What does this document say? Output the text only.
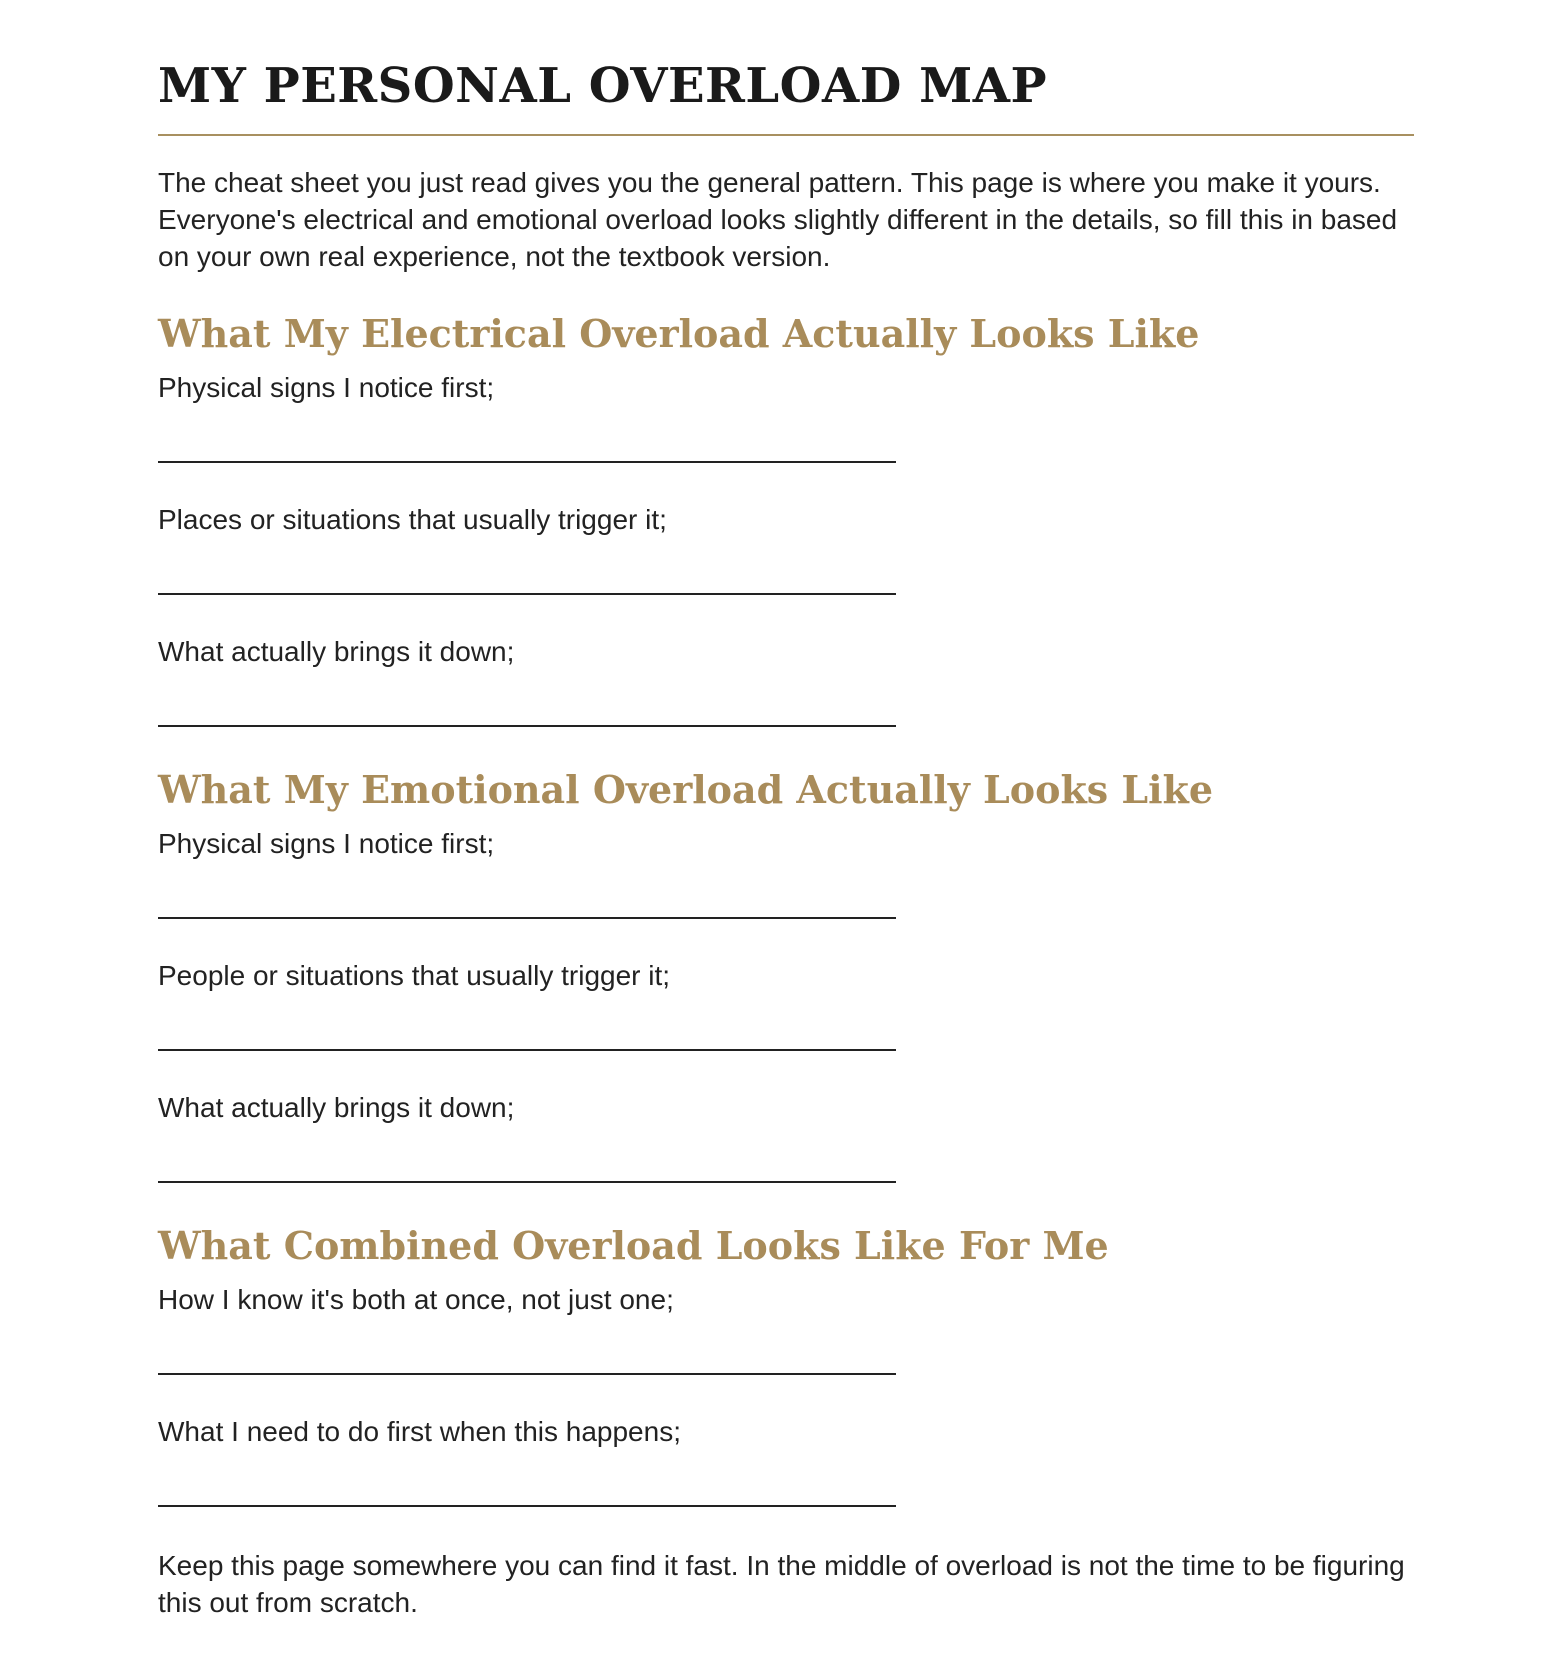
MY PERSONAL OVERLOAD MAP
The cheat sheet you just read gives you the general pattern. This page is where you make it yours. Everyone's electrical and emotional overload looks slightly different in the details, so fill this in based on your own real experience, not the textbook version.
What My Electrical Overload Actually Looks Like
Physical signs I notice first;
Places or situations that usually trigger it;
What actually brings it down;
What My Emotional Overload Actually Looks Like
Physical signs I notice first;
People or situations that usually trigger it;
What actually brings it down;
What Combined Overload Looks Like For Me
How I know it's both at once, not just one;
What I need to do first when this happens;
Keep this page somewhere you can find it fast. In the middle of overload is not the time to be figuring this out from scratch.
